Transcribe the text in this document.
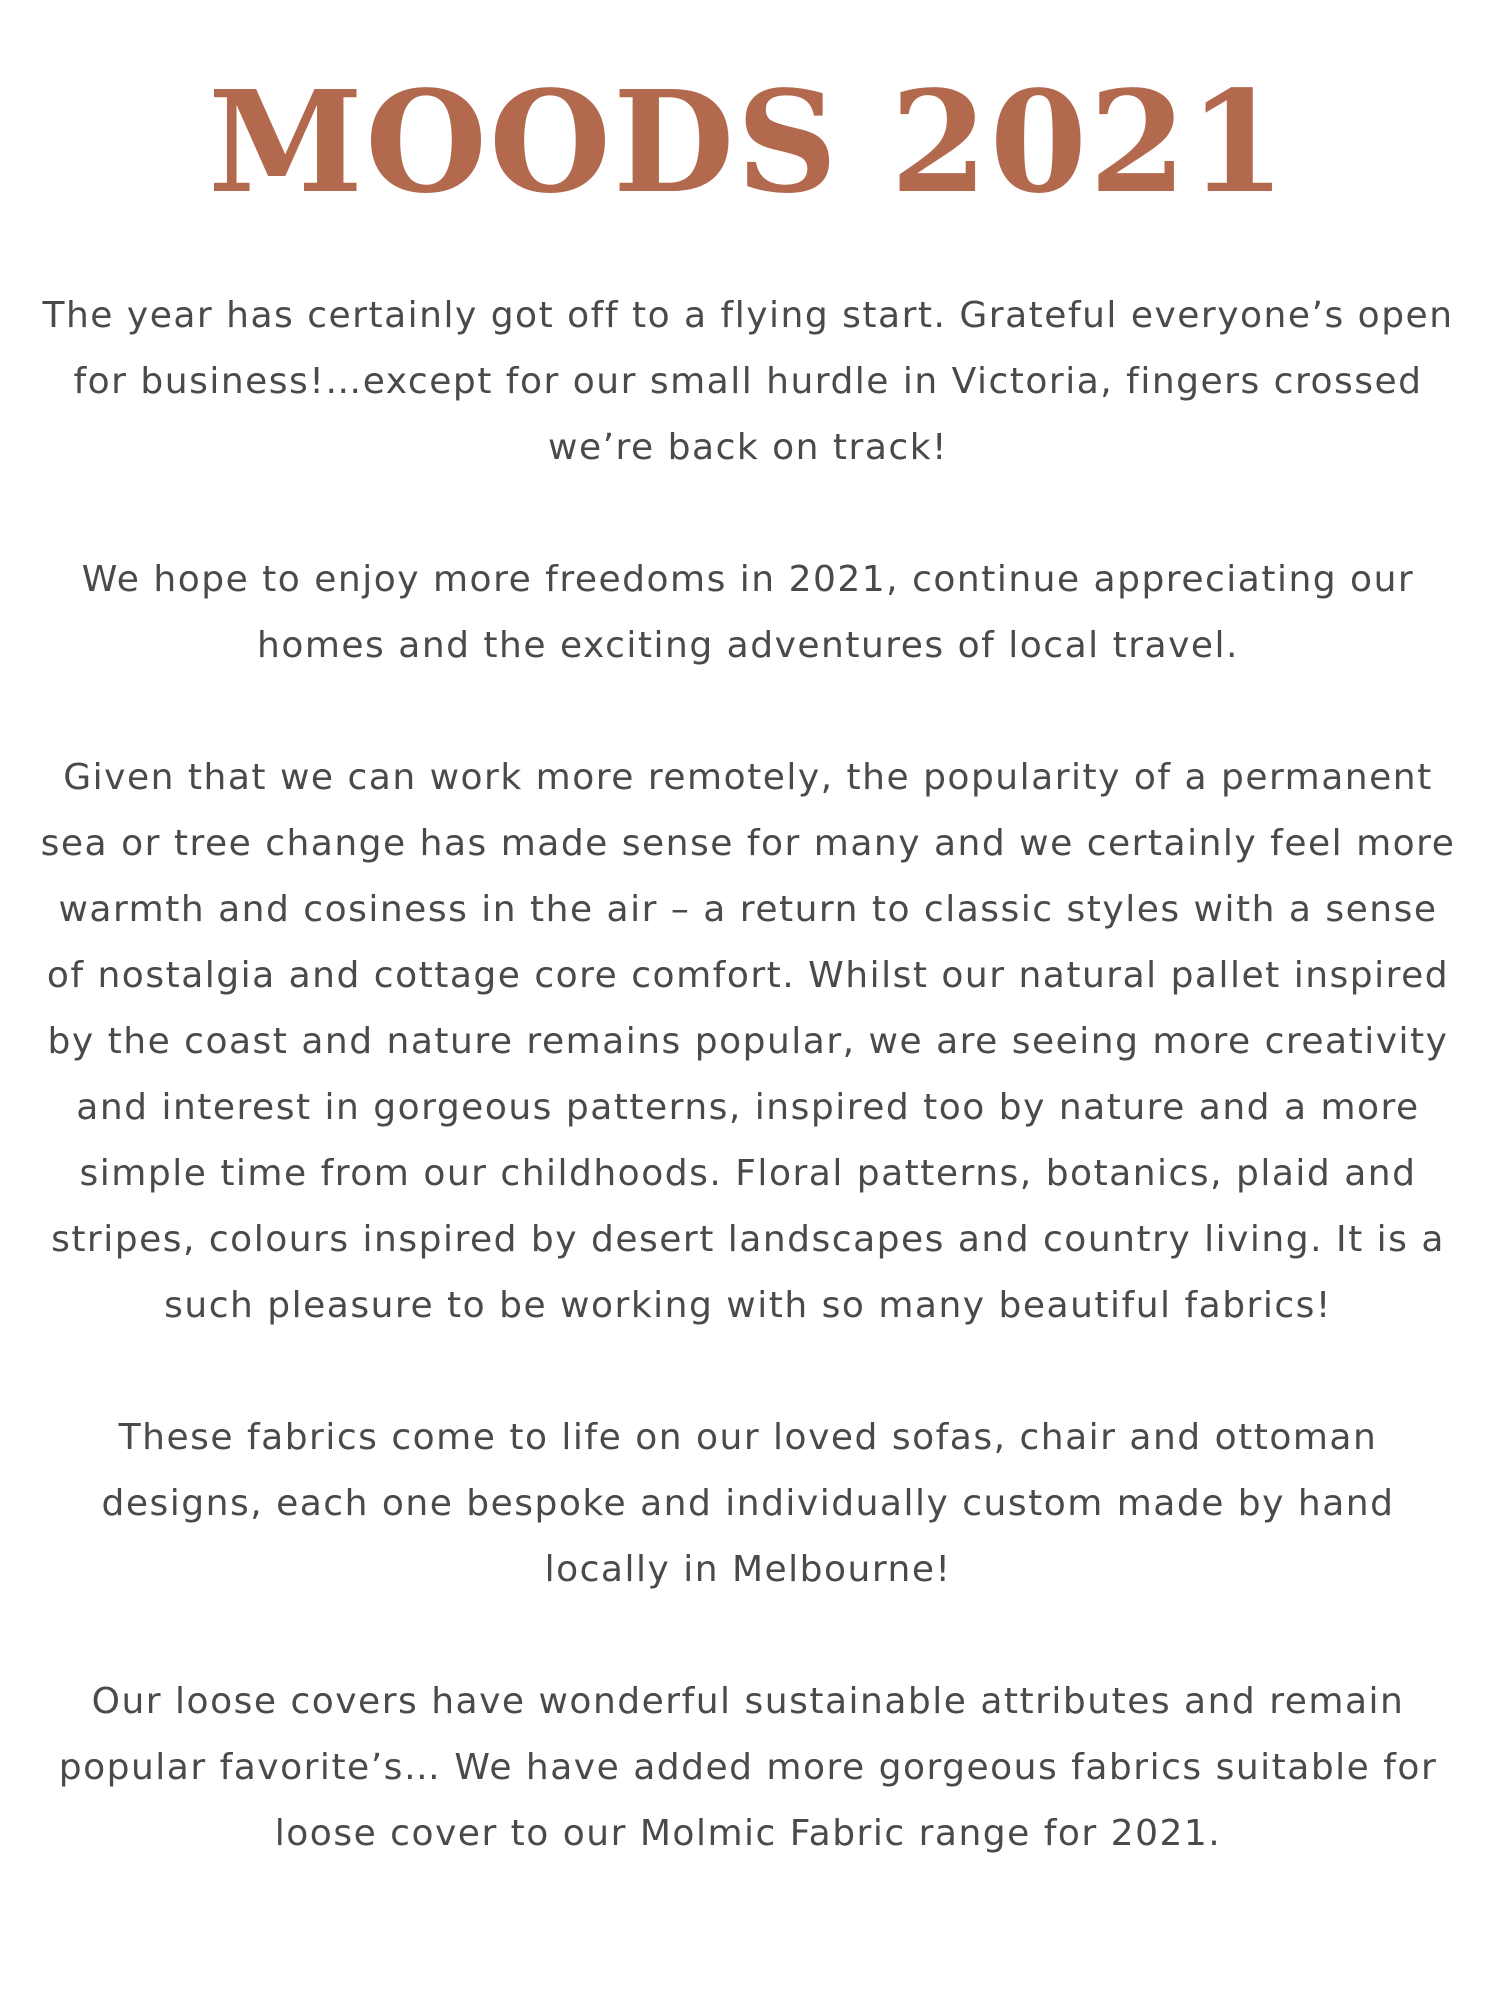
MOODS 2021

The year has certainly got off to a flying start. Grateful everyone’s open for business!…except for our small hurdle in Victoria, fingers crossed we’re back on track!

We hope to enjoy more freedoms in 2021, continue appreciating our homes and the exciting adventures of local travel.

Given that we can work more remotely, the popularity of a permanent sea or tree change has made sense for many and we certainly feel more warmth and cosiness in the air – a return to classic styles with a sense of nostalgia and cottage core comfort. Whilst our natural pallet inspired by the coast and nature remains popular, we are seeing more creativity and interest in gorgeous patterns, inspired too by nature and a more simple time from our childhoods. Floral patterns, botanics, plaid and stripes, colours inspired by desert landscapes and country living. It is a such pleasure to be working with so many beautiful fabrics!

These fabrics come to life on our loved sofas, chair and ottoman designs, each one bespoke and individually custom made by hand locally in Melbourne!

Our loose covers have wonderful sustainable attributes and remain popular favorite’s… We have added more gorgeous fabrics suitable for loose cover to our Molmic Fabric range for 2021.
